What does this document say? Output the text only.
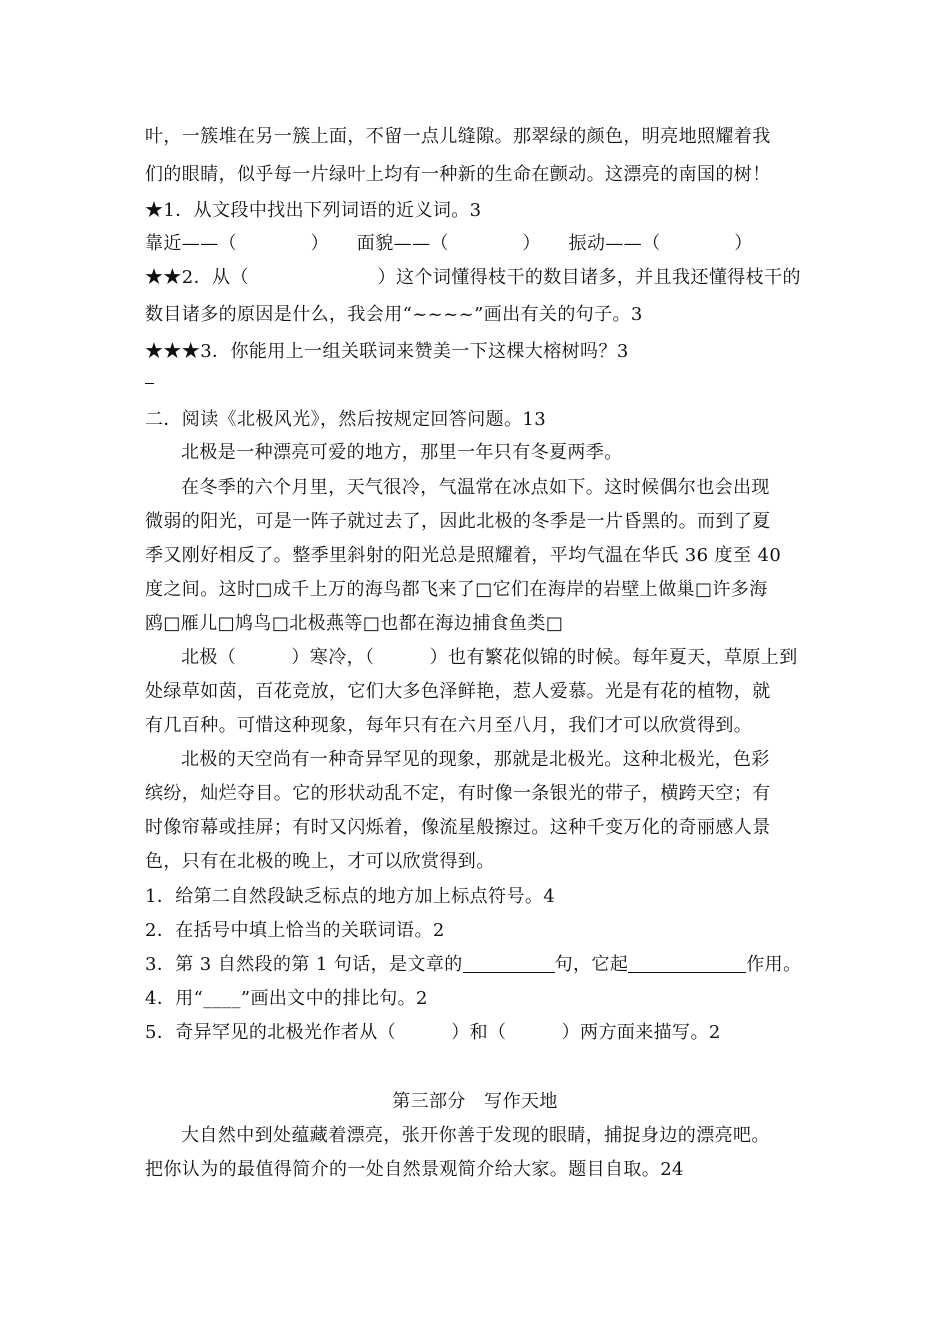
叶，一簇堆在另一簇上面，不留一点儿缝隙。那翠绿的颜色，明亮地照耀着我
们的眼睛，似乎每一片绿叶上均有一种新的生命在颤动。这漂亮的南国的树！
★1．从文段中找出下列词语的近义词。3
靠近——（　　　　）　　面貌——（　　　　）　　振动——（　　　　）
★★2．从（　　　　　　　）这个词懂得枝干的数目诸多，并且我还懂得枝干的
数目诸多的原因是什么，我会用“~~~~”画出有关的句子。3
★★★3．你能用上一组关联词来赞美一下这棵大榕树吗？3
二．阅读《北极风光》，然后按规定回答问题。13
北极是一种漂亮可爱的地方，那里一年只有冬夏两季。
在冬季的六个月里，天气很冷，气温常在冰点如下。这时候偶尔也会出现
微弱的阳光，可是一阵子就过去了，因此北极的冬季是一片昏黑的。而到了夏
季又刚好相反了。整季里斜射的阳光总是照耀着，平均气温在华氏 36 度至 40
度之间。这时□成千上万的海鸟都飞来了□它们在海岸的岩壁上做巢□许多海
鸥□雁儿□鸠鸟□北极燕等□也都在海边捕食鱼类□
北极（　　　）寒冷，（　　　）也有繁花似锦的时候。每年夏天，草原上到
处绿草如茵，百花竞放，它们大多色泽鲜艳，惹人爱慕。光是有花的植物，就
有几百种。可惜这种现象，每年只有在六月至八月，我们才可以欣赏得到。
北极的天空尚有一种奇异罕见的现象，那就是北极光。这种北极光，色彩
缤纷，灿烂夺目。它的形状动乱不定，有时像一条银光的带子，横跨天空；有
时像帘幕或挂屏；有时又闪烁着，像流星般擦过。这种千变万化的奇丽感人景
色，只有在北极的晚上，才可以欣赏得到。
1．给第二自然段缺乏标点的地方加上标点符号。4
2．在括号中填上恰当的关联词语。2
3．第 3 自然段的第 1 句话，是文章的	句，它起	作用。
4．用“____”画出文中的排比句。2
5．奇异罕见的北极光作者从（　　　）和（　　　）两方面来描写。2
第三部分　写作天地
大自然中到处蕴藏着漂亮，张开你善于发现的眼睛，捕捉身边的漂亮吧。
把你认为的最值得简介的一处自然景观简介给大家。题目自取。24
